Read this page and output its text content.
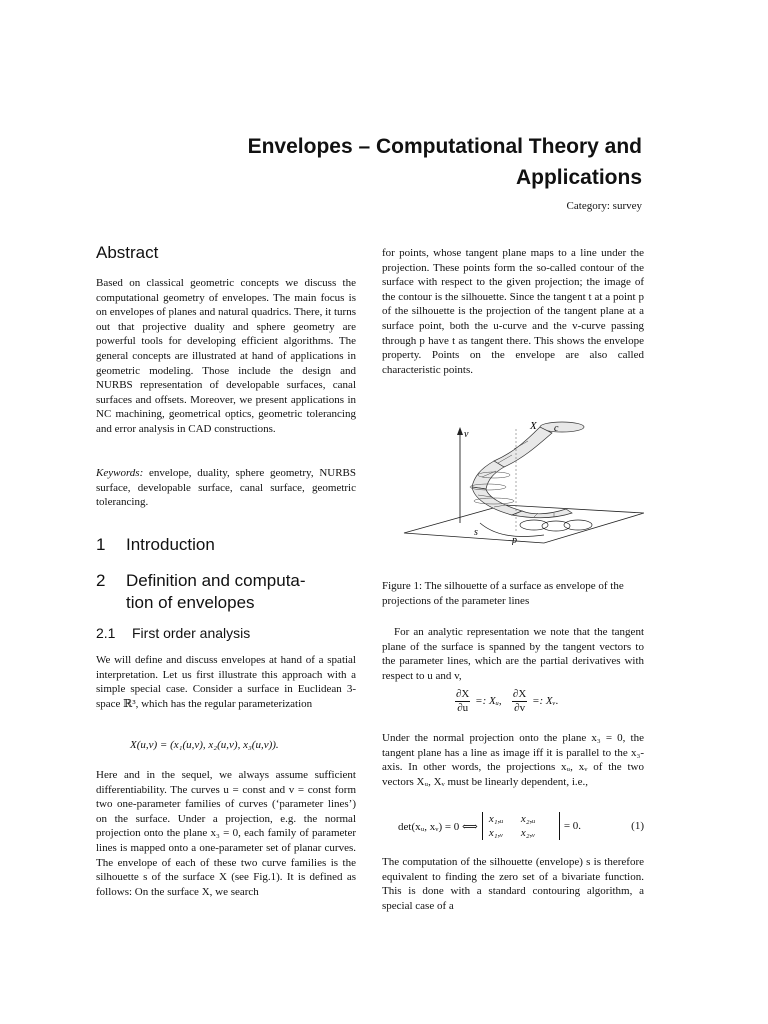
Envelopes – Computational Theory and
Applications
Category: survey
Abstract

Based on classical geometric concepts we discuss the computational geometry of envelopes. The main focus is on envelopes of planes and natural quadrics. There, it turns out that projective duality and sphere geometry are powerful tools for developing efficient algorithms. The general concepts are illustrated at hand of applications in geometric modeling. Those include the design and NURBS representation of developable surfaces, canal surfaces and offsets. Moreover, we present applications in NC machining, geometrical optics, geometric tolerancing and error analysis in CAD constructions.

Keywords: envelope, duality, sphere geometry, NURBS surface, developable surface, canal surface, geometric tolerancing.

1 Introduction
2	Definition and computa-
tion of envelopes
2.1 First order analysis

We will define and discuss envelopes at hand of a spatial interpretation. Let us first illustrate this approach with a simple special case. Consider a surface in Euclidean 3-space ℝ³, which has the regular parameterization

X(u,v) = (x₁(u,v), x₂(u,v), x₃(u,v)).

Here and in the sequel, we always assume sufficient differentiability. The curves u = const and v = const form two one-parameter families of curves (‘parameter lines’) on the surface. Under a projection, e.g. the normal projection onto the plane x₃ = 0, each family of parameter lines is mapped onto a one-parameter set of planar curves. The envelope of each of these two curve families is the silhouette s of the surface X (see Fig.1). It is defined as follows: On the surface X, we search

for points, whose tangent plane maps to a line under the projection. These points form the so-called contour of the surface with respect to the given projection; the image of the contour is the silhouette. Since the tangent t at a point p of the silhouette is the projection of the tangent plane at a surface point, both the u-curve and the v-curve passing through p have t as tangent there. This shows the envelope property. Points on the envelope are also called characteristic points.

X c
v
s
p
Figure 1: The silhouette of a surface as envelope of the projections of the parameter lines

For an analytic representation we note that the tangent plane of the surface is spanned by the tangent vectors to the parameter lines, which are the partial derivatives with respect to u and v,

$\frac{\partial X}{\partial u}$ =: Xᵤ, $\frac{\partial X}{\partial v}$ =: Xᵥ.

Under the normal projection onto the plane x₃ = 0, the tangent plane has a line as image iff it is parallel to the x₃-axis. In other words, the projections xᵤ, xᵥ of the two vectors Xᵤ, Xᵥ must be linearly dependent, i.e.,

det(xᵤ, xᵥ) = 0 ⟺
x₁,ᵤ x₂,ᵤ
x₁,ᵥ x₂,ᵥ
= 0.	(1)

The computation of the silhouette (envelope) s is therefore equivalent to finding the zero set of a bivariate function. This is done with a standard contouring algorithm, a special case of a
